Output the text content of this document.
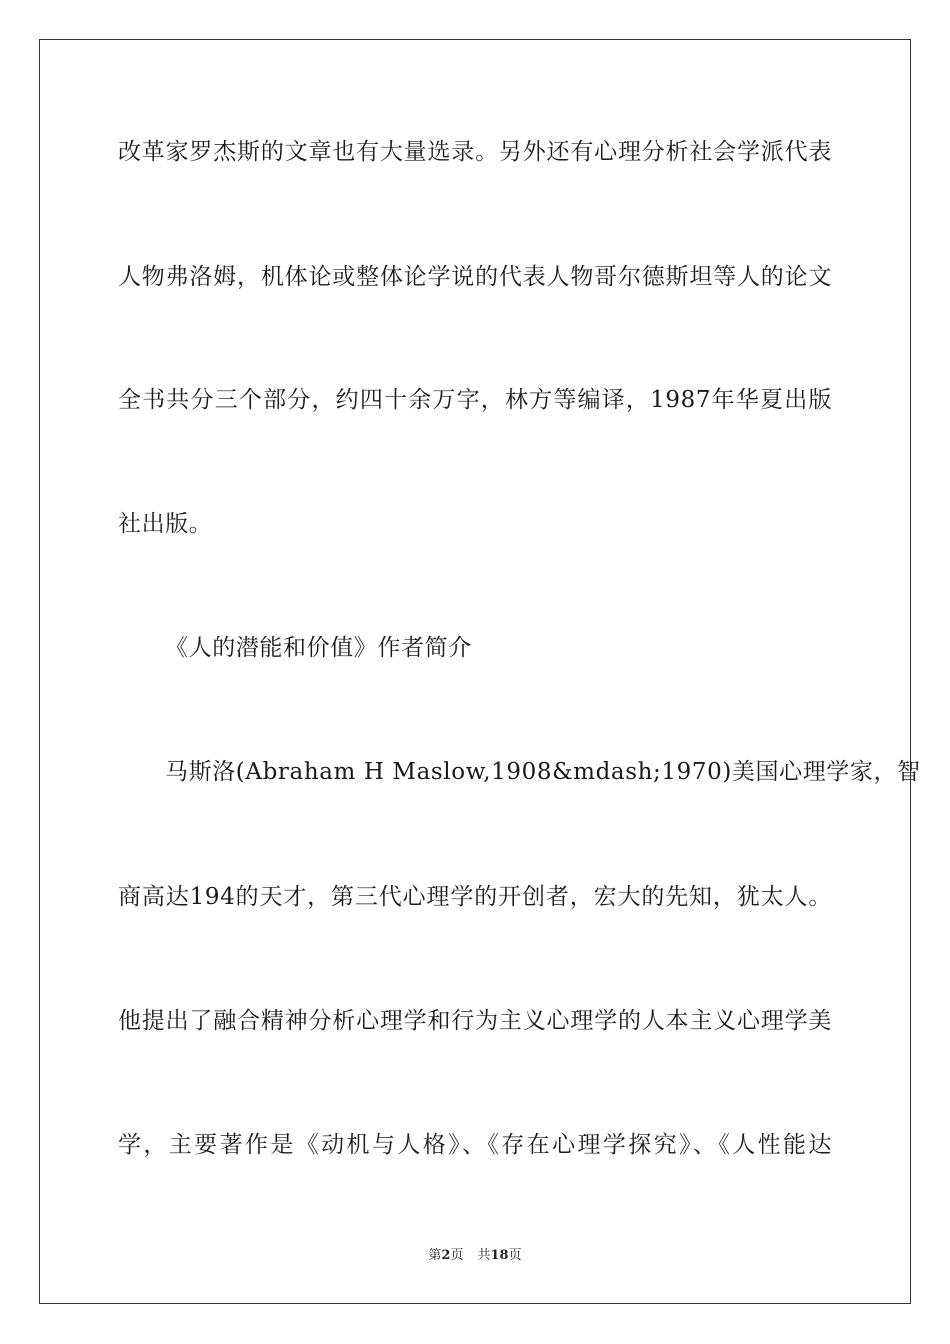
改革家罗杰斯的文章也有大量选录。另外还有心理分析社会学派代表
人物弗洛姆，机体论或整体论学说的代表人物哥尔德斯坦等人的论文
全书共分三个部分，约四十余万字，林方等编译，1987年华夏出版
社出版。
《人的潜能和价值》作者简介
马斯洛(Abraham H Maslow,1908&mdash;1970)美国心理学家，智
商高达194的天才，第三代心理学的开创者，宏大的先知，犹太人。
他提出了融合精神分析心理学和行为主义心理学的人本主义心理学美
学，主要著作是《动机与人格》、《存在心理学探究》、《人性能达
第2页 共18页
